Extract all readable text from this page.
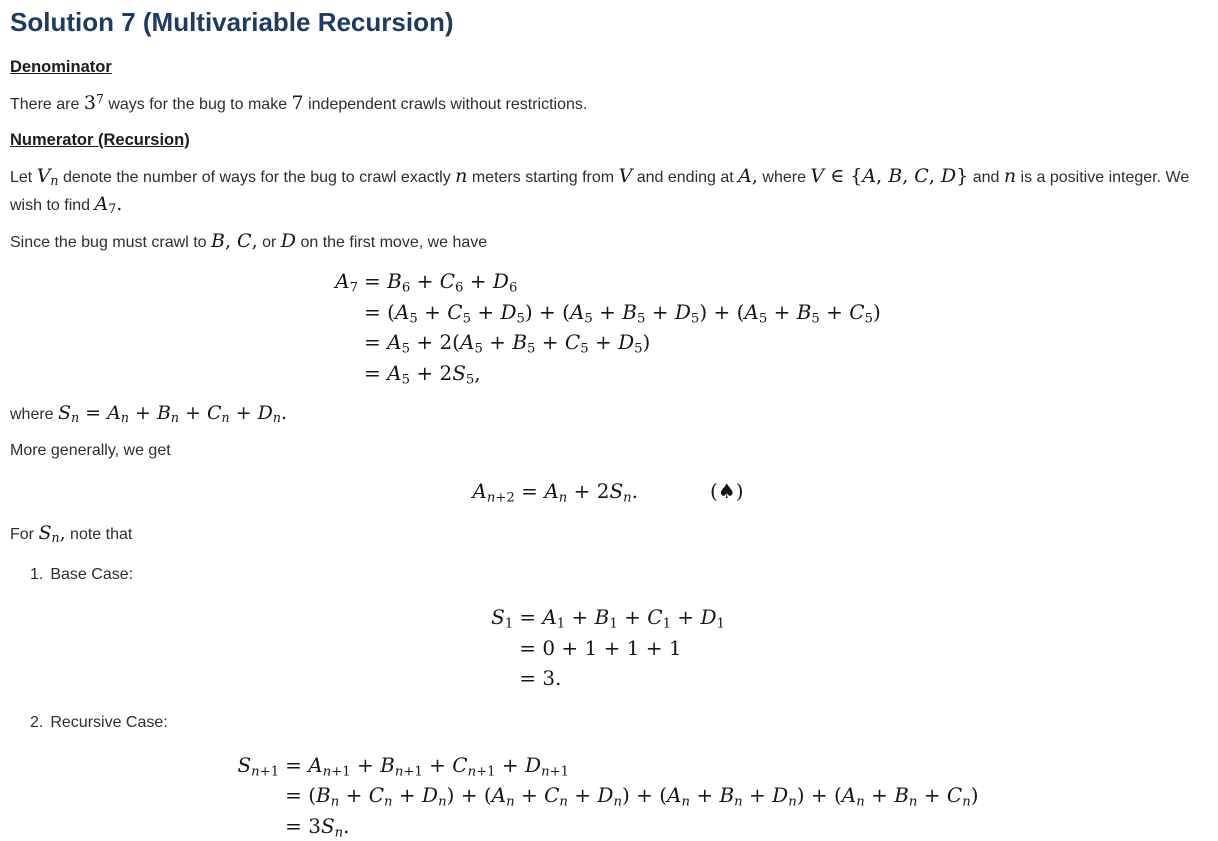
Solution 7 (Multivariable Recursion)
Denominator

There are $3^7$ ways for the bug to make 7 independent crawls without restrictions.

Numerator (Recursion)

Let $V_n$ denote the number of ways for the bug to crawl exactly n meters starting from V and ending at A, where V ∈ {A, B, C, D} and n is a positive integer. We wish to find $A_7$.

Since the bug must crawl to B, C, or D on the first move, we have

$A_7 = B_6 + C_6 + D_6$
= $(A_5 + C_5 + D_5) + (A_5 + B_5 + D_5) + (A_5 + B_5 + C_5)$
= $A_5 + 2(A_5 + B_5 + C_5 + D_5)$
= $A_5 + 2S_5$,

where $S_n = A_n + B_n + C_n + D_n$.

More generally, we get

$A_{n+2} = A_n + 2S_n$.	(♠)

For $S_n$, note that

1. Base Case:
$S_1 = A_1 + B_1 + C_1 + D_1$
= 0 + 1 + 1 + 1
= 3.
2. Recursive Case:
$S_{n+1} = A_{n+1} + B_{n+1} + C_{n+1} + D_{n+1}$
= $(B_n + C_n + D_n) + (A_n + C_n + D_n) + (A_n + B_n + D_n) + (A_n + B_n + C_n)$
= $3S_n$.
